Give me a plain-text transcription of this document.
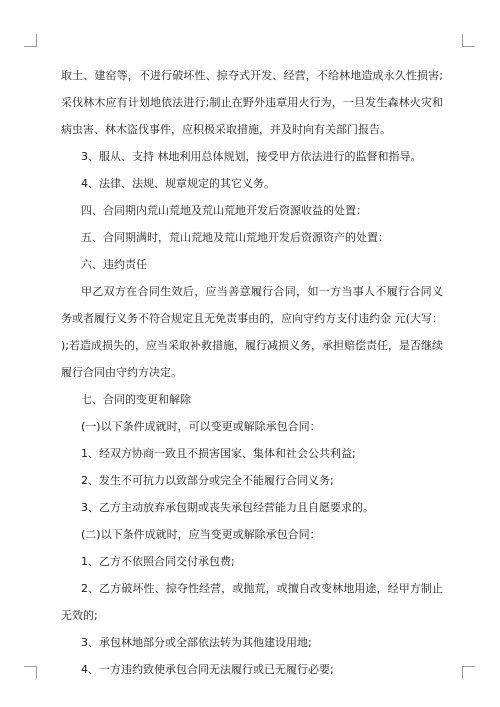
取土、建窑等，不进行破坏性、掠夺式开发、经营，不给林地造成永久性损害;采伐林木应有计划地依法进行;制止在野外违章用火行为，一旦发生森林火灾和病虫害、林木盗伐事件，应积极采取措施，并及时向有关部门报告。

3、服从、支持 林地利用总体规划，接受甲方依法进行的监督和指导。

4、法律、法规、规章规定的其它义务。

四、合同期内荒山荒地及荒山荒地开发后资源收益的处置：

五、合同期满时，荒山荒地及荒山荒地开发后资源资产的处置：

六、违约责任

甲乙双方在合同生效后，应当善意履行合同，如一方当事人不履行合同义务或者履行义务不符合规定且无免责事由的，应向守约方支付违约金 元(大写： );若造成损失的，应当采取补救措施，履行减损义务，承担赔偿责任，是否继续履行合同由守约方决定。

七、合同的变更和解除

(一)以下条件成就时，可以变更或解除承包合同：

1、经双方协商一致且不损害国家、集体和社会公共利益;

2、发生不可抗力以致部分或完全不能履行合同义务;

3、乙方主动放弃承包期或丧失承包经营能力且自愿要求的。

(二)以下条件成就时，应当变更或解除承包合同：

1、乙方不依照合同交付承包费;

2、乙方破坏性、掠夺性经营，或抛荒，或擅自改变林地用途，经甲方制止无效的;

3、承包林地部分或全部依法转为其他建设用地;

4、一方违约致使承包合同无法履行或已无履行必要;
